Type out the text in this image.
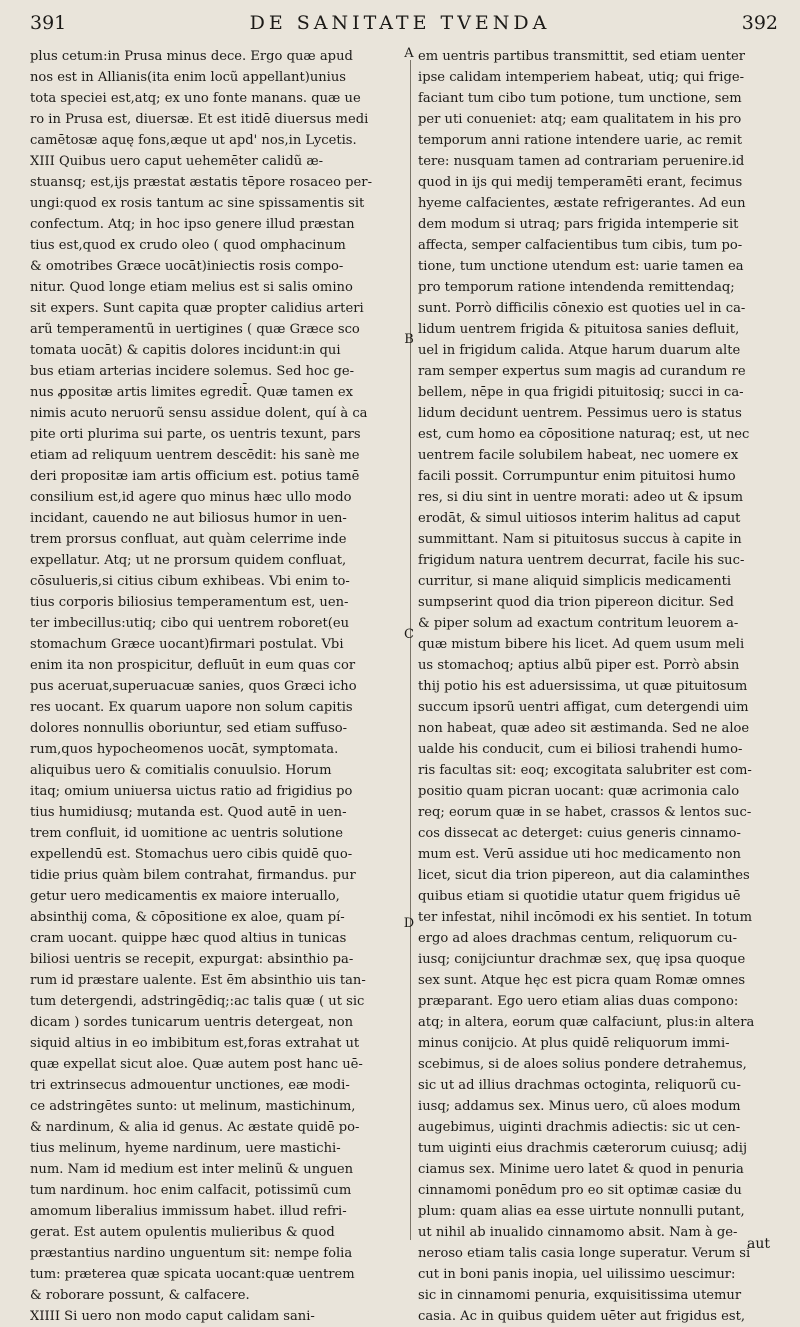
391	DE SANITATE TVENDA	392
plus cetum:in Prusa minus dece. Ergo quæ apud
nos est in Allianis(ita enim locũ appellant)unius
tota speciei est,atq; ex uno fonte manans. quæ ue
ro in Prusa est, diuersæ. Et est itidē diuersus medi
camētosæ aquę fons,æque ut apd' nos,in Lycetis.
XIII Quibus uero caput uehemēter calidũ æ-
stuansq; est,ijs præstat æstatis tēpore rosaceo per-
ungi:quod ex rosis tantum ac sine spissamentis sit
confectum. Atq; in hoc ipso genere illud præstan
tius est,quod ex crudo oleo ( quod omphacinum
& omotribes Græce uocāt)iniectis rosis compo-
nitur. Quod longe etiam melius est si salis omino
sit expers. Sunt capita quæ propter calidius arteri
arũ temperamentũ in uertigines ( quæ Græce sco
tomata uocāt) & capitis dolores incidunt:in qui
bus etiam arterias incidere solemus. Sed hoc ge-
nus ꝓpositæ artis limites egredit̄. Quæ tamen ex
nimis acuto neruorũ sensu assidue dolent, quí à ca
pite orti plurima sui parte, os uentris texunt, pars
etiam ad reliquum uentrem descēdit: his sanè me
deri propositæ iam artis officium est. potius tamē
consilium est,id agere quo minus hæc ullo modo
incidant, cauendo ne aut biliosus humor in uen-
trem prorsus confluat, aut quàm celerrime inde
expellatur. Atq; ut ne prorsum quidem confluat,
cōsulueris,si citius cibum exhibeas. Vbi enim to-
tius corporis biliosius temperamentum est, uen-
ter imbecillus:utiq; cibo qui uentrem roboret(eu
stomachum Græce uocant)firmari postulat. Vbi
enim ita non prospicitur, defluūt in eum quas cor
pus aceruat,superuacuæ sanies, quos Græci icho
res uocant. Ex quarum uapore non solum capitis
dolores nonnullis oboriuntur, sed etiam suffuso-
rum,quos hypocheomenos uocāt, symptomata.
aliquibus uero & comitialis conuulsio. Horum
itaq; omium uniuersa uictus ratio ad frigidius po
tius humidiusq; mutanda est. Quod autē in uen-
trem confluit, id uomitione ac uentris solutione
expellendū est. Stomachus uero cibis quidē quo-
tidie prius quàm bilem contrahat, firmandus. pur
getur uero medicamentis ex maiore interuallo,
absinthij coma, & cōpositione ex aloe, quam pí-
cram uocant. quippe hæc quod altius in tunicas
biliosi uentris se recepit, expurgat: absinthio pa-
rum id præstare ualente. Est ēm absinthio uis tan-
tum detergendi, adstringēdiq;:ac talis quæ ( ut sic
dicam ) sordes tunicarum uentris detergeat, non
siquid altius in eo imbibitum est,foras extrahat ut
quæ expellat sicut aloe. Quæ autem post hanc uē-
tri extrinsecus admouentur unctiones, eæ modi-
ce adstringētes sunto: ut melinum, mastichinum,
& nardinum, & alia id genus. Ac æstate quidē po-
tius melinum, hyeme nardinum, uere mastichi-
num. Nam id medium est inter melinũ & unguen
tum nardinum. hoc enim calfacit, potissimũ cum
amomum liberalius immissum habet. illud refri-
gerat. Est autem opulentis mulieribus & quod
præstantius nardino unguentum sit: nempe folia
tum: præterea quæ spicata uocant:quæ uentrem
& roborare possunt, & calfacere.
XIIII Si uero non modo caput calidam sani-
em uentris partibus transmittit, sed etiam uenter
ipse calidam intemperiem habeat, utiq; qui frige-
faciant tum cibo tum potione, tum unctione, sem
per uti conueniet: atq; eam qualitatem in his pro
temporum anni ratione intendere uarie, ac remit
tere: nusquam tamen ad contrariam peruenire.id
quod in ijs qui medij temperamēti erant, fecimus
hyeme calfacientes, æstate refrigerantes. Ad eun
dem modum si utraq; pars frigida intemperie sit
affecta, semper calfacientibus tum cibis, tum po-
tione, tum unctione utendum est: uarie tamen ea
pro temporum ratione intendenda remittendaq;
sunt. Porrò difficilis cōnexio est quoties uel in ca-
lidum uentrem frigida & pituitosa sanies defluit,
uel in frigidum calida. Atque harum duarum alte
ram semper expertus sum magis ad curandum re
bellem, nēpe in qua frigidi pituitosiq; succi in ca-
lidum decidunt uentrem. Pessimus uero is status
est, cum homo ea cōpositione naturaq; est, ut nec
uentrem facile solubilem habeat, nec uomere ex
facili possit. Corrumpuntur enim pituitosi humo
res, si diu sint in uentre morati: adeo ut & ipsum
erodāt, & simul uitiosos interim halitus ad caput
summittant. Nam si pituitosus succus à capite in
frigidum natura uentrem decurrat, facile his suc-
curritur, si mane aliquid simplicis medicamenti
sumpserint quod dia trion pipereon dicitur. Sed
& piper solum ad exactum contritum leuorem a-
quæ mistum bibere his licet. Ad quem usum meli
us stomachoq; aptius albũ piper est. Porrò absin
thij potio his est aduersissima, ut quæ pituitosum
succum ipsorũ uentri affigat, cum detergendi uim
non habeat, quæ adeo sit æstimanda. Sed ne aloe
ualde his conducit, cum ei biliosi trahendi humo-
ris facultas sit: eoq; excogitata salubriter est com-
positio quam picran uocant: quæ acrimonia calo
req; eorum quæ in se habet, crassos & lentos suc-
cos dissecat ac deterget: cuius generis cinnamo-
mum est. Verū assidue uti hoc medicamento non
licet, sicut dia trion pipereon, aut dia calaminthes
quibus etiam si quotidie utatur quem frigidus uē
ter infestat, nihil incōmodi ex his sentiet. In totum
ergo ad aloes drachmas centum, reliquorum cu-
iusq; conijciuntur drachmæ sex, quę ipsa quoque
sex sunt. Atque hęc est picra quam Romæ omnes
præparant. Ego uero etiam alias duas compono:
atq; in altera, eorum quæ calfaciunt, plus:in altera
minus conijcio. At plus quidē reliquorum immi-
scebimus, si de aloes solius pondere detrahemus,
sic ut ad illius drachmas octoginta, reliquorũ cu-
iusq; addamus sex. Minus uero, cũ aloes modum
augebimus, uiginti drachmis adiectis: sic ut cen-
tum uiginti eius drachmis cæterorum cuiusq; adij
ciamus sex. Minime uero latet & quod in penuria
cinnamomi ponēdum pro eo sit optimæ casiæ du
plum: quam alias ea esse uirtute nonnulli putant,
ut nihil ab inualido cinnamomo absit. Nam à ge-
neroso etiam talis casia longe superatur. Verum si
cut in boni panis inopia, uel uilissimo uescimur:
sic in cinnamomi penuria, exquisitissima utemur
casia. Ac in quibus quidem uēter aut frigidus est,
A
B
C
D
aut
